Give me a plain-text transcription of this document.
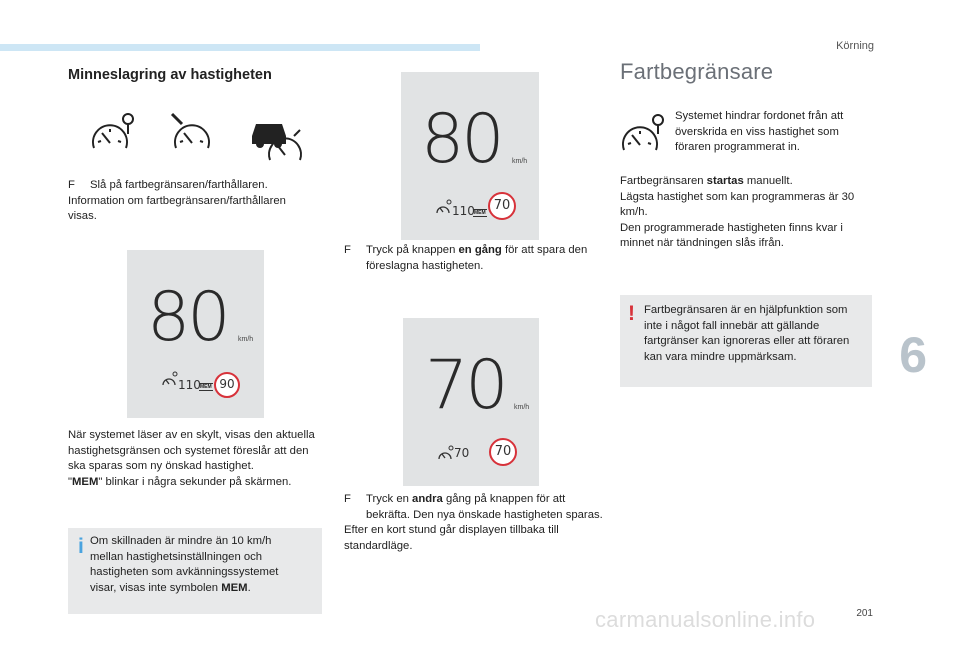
Körning
Minneslagring av hastigheten

F Slå på fartbegränsaren/farthållaren.

Information om fartbegränsaren/farthållaren visas.

80 km/h
110 MEM 90

När systemet läser av en skylt, visas den aktuella hastighetsgränsen och systemet föreslår att den ska sparas som ny önskad hastighet.

"MEM" blinkar i några sekunder på skärmen.

i Om skillnaden är mindre än 10 km/h mellan hastighetsinställningen och hastigheten som avkänningssystemet visar, visas inte symbolen MEM.
80 km/h
110 MEM 70

F Tryck på knappen en gång för att spara den föreslagna hastigheten.

70 km/h
70	70

F Tryck en andra gång på knappen för att bekräfta. Den nya önskade hastigheten sparas.

Efter en kort stund går displayen tillbaka till standardläge.

Fartbegränsare
Systemet hindrar fordonet från att överskrida en viss hastighet som föraren programmerat in.

Fartbegränsaren startas manuellt.

Lägsta hastighet som kan programmeras är 30 km/h.

Den programmerade hastigheten finns kvar i minnet när tändningen slås ifrån.

! Fartbegränsaren är en hjälpfunktion som inte i något fall innebär att gällande fartgränser kan ignoreras eller att föraren kan vara mindre uppmärksam.	6
201
carmanualsonline.info
